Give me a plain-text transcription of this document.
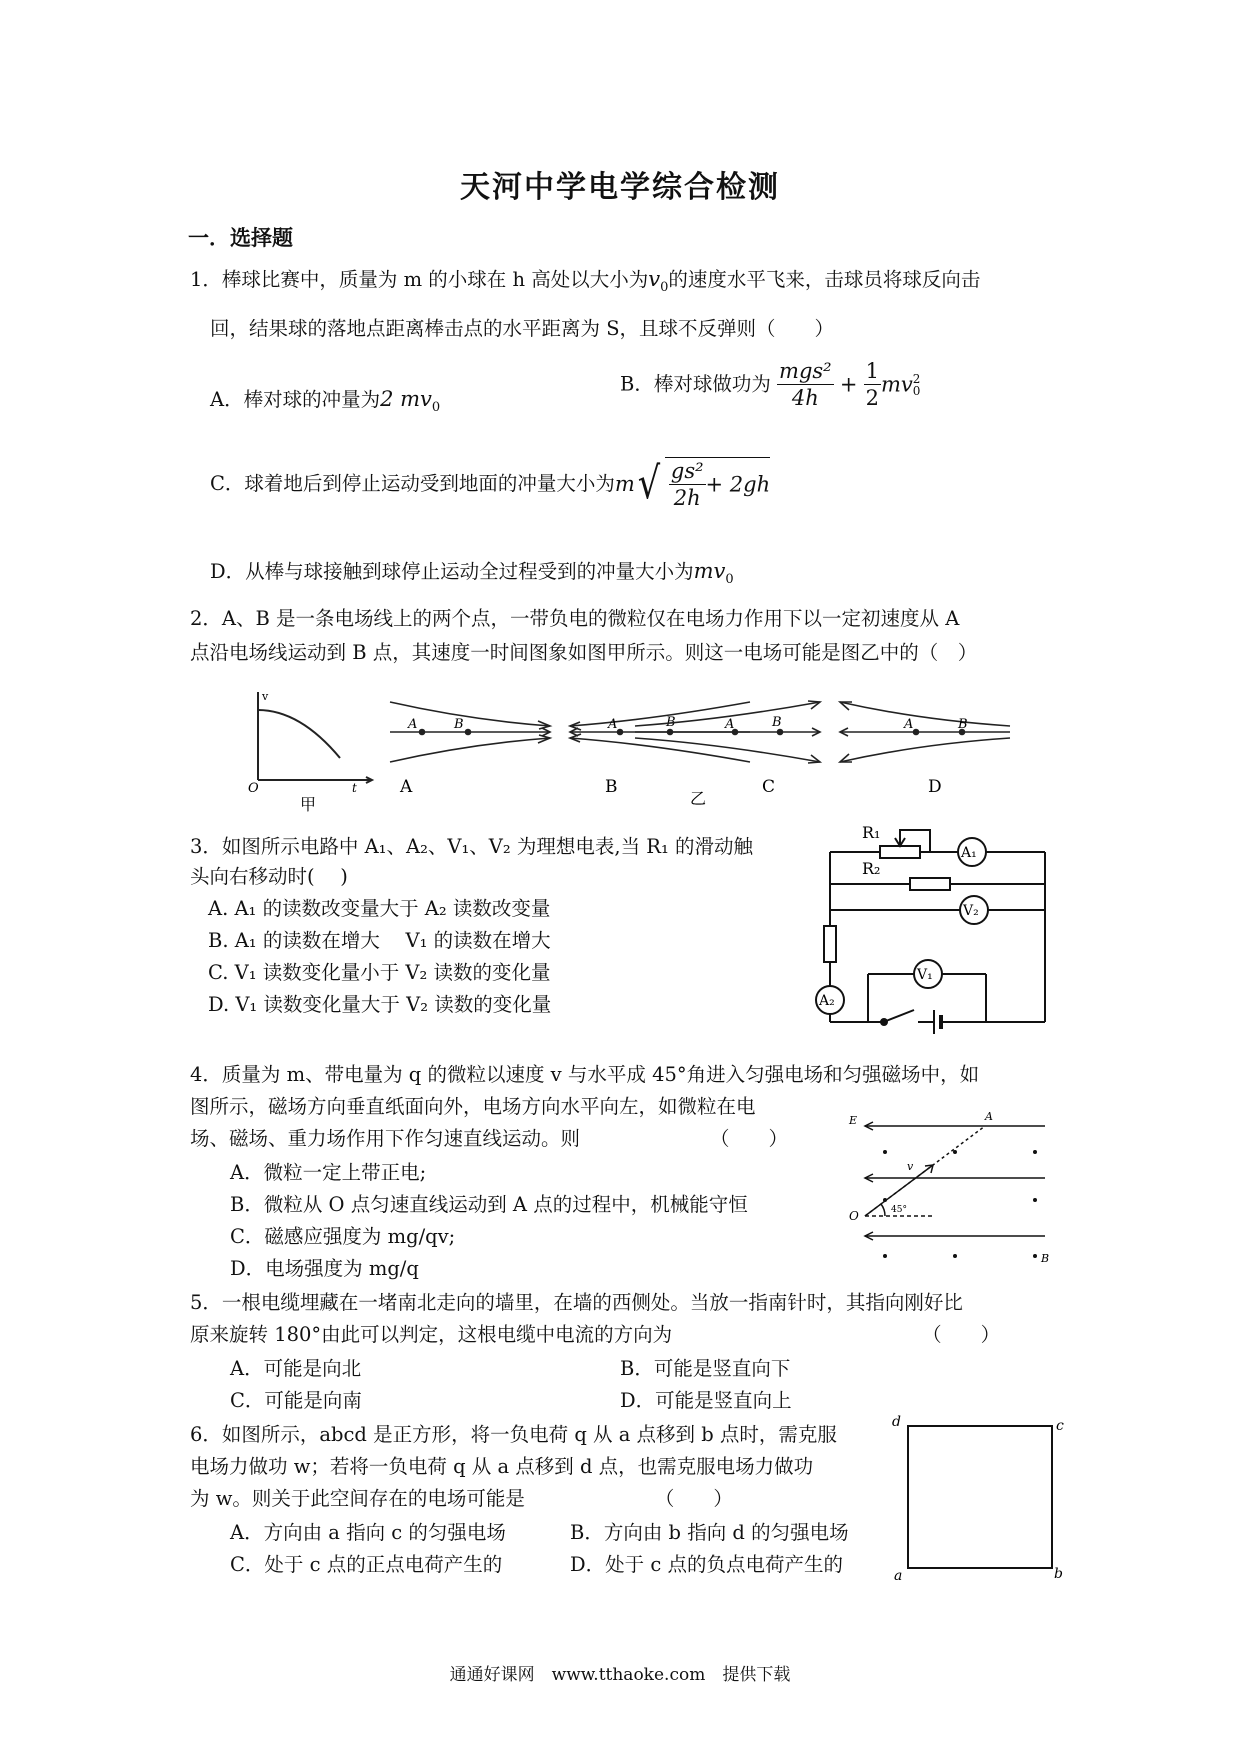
天河中学电学综合检测
一．选择题
1．棒球比赛中，质量为 m 的小球在 h 高处以大小为$v_0$的速度水平飞来，击球员将球反向击
回，结果球的落地点距离棒击点的水平距离为 S，且球不反弹则（　　）
A．棒对球的冲量为2 $mv_0$
B．棒对球做功为 $\frac{\text{mgs²}}{4h} + \frac{1}{2}$ mv 2
0
C．球着地后到停止运动受到地面的冲量大小为$m√ \frac{\text{gs²}}{2h} + 2gh$
D．从棒与球接触到球停止运动全过程受到的冲量大小为$mv_0$
2．A、B 是一条电场线上的两个点，一带负电的微粒仅在电场力作用下以一定初速度从 A
点沿电场线运动到 B 点，其速度一时间图象如图甲所示。则这一电场可能是图乙中的（　）
v
O	t
甲
A	B
A
A	B
B
乙
A	B
C
A	B
D
3．如图所示电路中 A₁、A₂、V₁、V₂ 为理想电表,当 R₁ 的滑动触
头向右移动时(　 )
A. A₁ 的读数改变量大于 A₂ 读数改变量
B. A₁ 的读数在增大　 V₁ 的读数在增大
C. V₁ 读数变化量小于 V₂ 读数的变化量
D. V₁ 读数变化量大于 V₂ 读数的变化量
R₁
R₂
A₁
V₂
A₂
V₁
4．质量为 m、带电量为 q 的微粒以速度 v 与水平成 45°角进入匀强电场和匀强磁场中，如
图所示，磁场方向垂直纸面向外，电场方向水平向左，如微粒在电
场、磁场、重力场作用下作匀速直线运动。则	（　　）
A．微粒一定上带正电;
B．微粒从 O 点匀速直线运动到 A 点的过程中，机械能守恒
C．磁感应强度为 mg/qv;
D．电场强度为 mg/q
E	A
O
B
v
45°
5．一根电缆埋藏在一堵南北走向的墙里，在墙的西侧处。当放一指南针时，其指向刚好比
原来旋转 180°由此可以判定，这根电缆中电流的方向为	（　　）
A．可能是向北	B．可能是竖直向下
C．可能是向南	D．可能是竖直向上
6．如图所示，abcd 是正方形，将一负电荷 q 从 a 点移到 b 点时，需克服
电场力做功 w；若将一负电荷 q 从 a 点移到 d 点，也需克服电场力做功
为 w。则关于此空间存在的电场可能是	（　　）
A．方向由 a 指向 c 的匀强电场	B．方向由 b 指向 d 的匀强电场
C．处于 c 点的正点电荷产生的	D．处于 c 点的负点电荷产生的
d	c
a	b
通通好课网　www.tthaoke.com　提供下载
